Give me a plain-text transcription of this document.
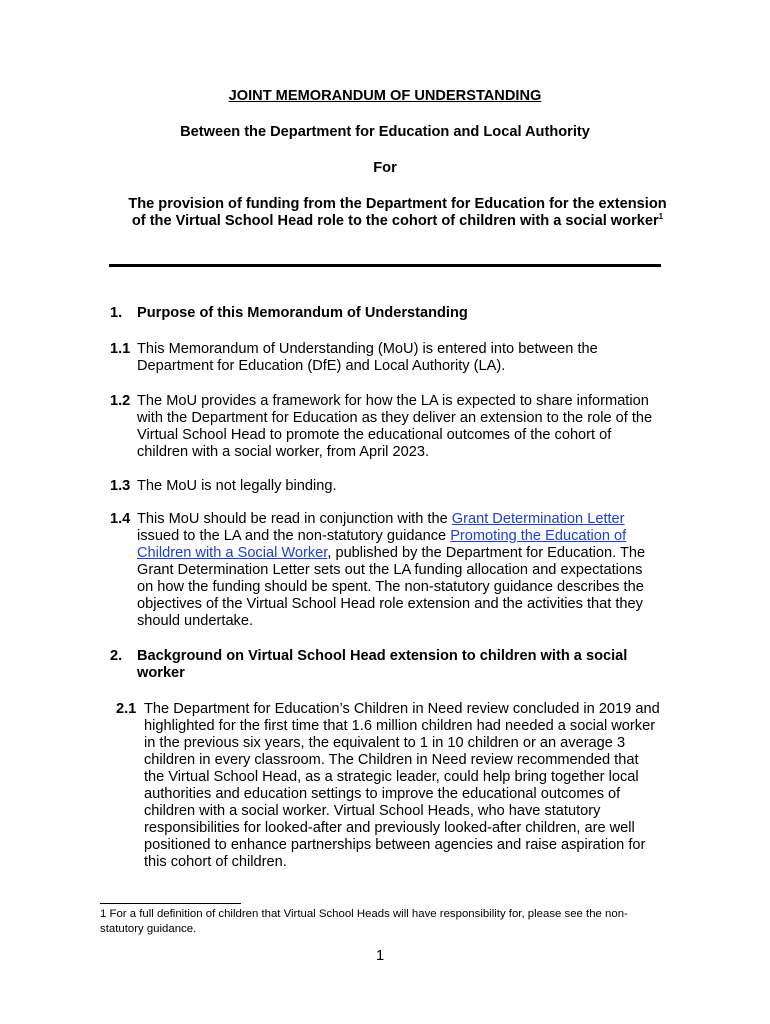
JOINT MEMORANDUM OF UNDERSTANDING
Between the Department for Education and Local Authority
For
The provision of funding from the Department for Education for the extension of the Virtual School Head role to the cohort of children with a social worker$^1$
1. Purpose of this Memorandum of Understanding
1.1 This Memorandum of Understanding (MoU) is entered into between the Department for Education (DfE) and Local Authority (LA).
1.2 The MoU provides a framework for how the LA is expected to share information with the Department for Education as they deliver an extension to the role of the Virtual School Head to promote the educational outcomes of the cohort of children with a social worker, from April 2023.
1.3 The MoU is not legally binding.
1.4 This MoU should be read in conjunction with the Grant Determination Letter issued to the LA and the non-statutory guidance Promoting the Education of Children with a Social Worker, published by the Department for Education. The Grant Determination Letter sets out the LA funding allocation and expectations on how the funding should be spent. The non-statutory guidance describes the objectives of the Virtual School Head role extension and the activities that they should undertake.
2. Background on Virtual School Head extension to children with a social worker
2.1 The Department for Education’s Children in Need review concluded in 2019 and highlighted for the first time that 1.6 million children had needed a social worker in the previous six years, the equivalent to 1 in 10 children or an average 3 children in every classroom. The Children in Need review recommended that the Virtual School Head, as a strategic leader, could help bring together local authorities and education settings to improve the educational outcomes of children with a social worker. Virtual School Heads, who have statutory responsibilities for looked-after and previously looked-after children, are well positioned to enhance partnerships between agencies and raise aspiration for this cohort of children.
1 For a full definition of children that Virtual School Heads will have responsibility for, please see the non-statutory guidance.
1
